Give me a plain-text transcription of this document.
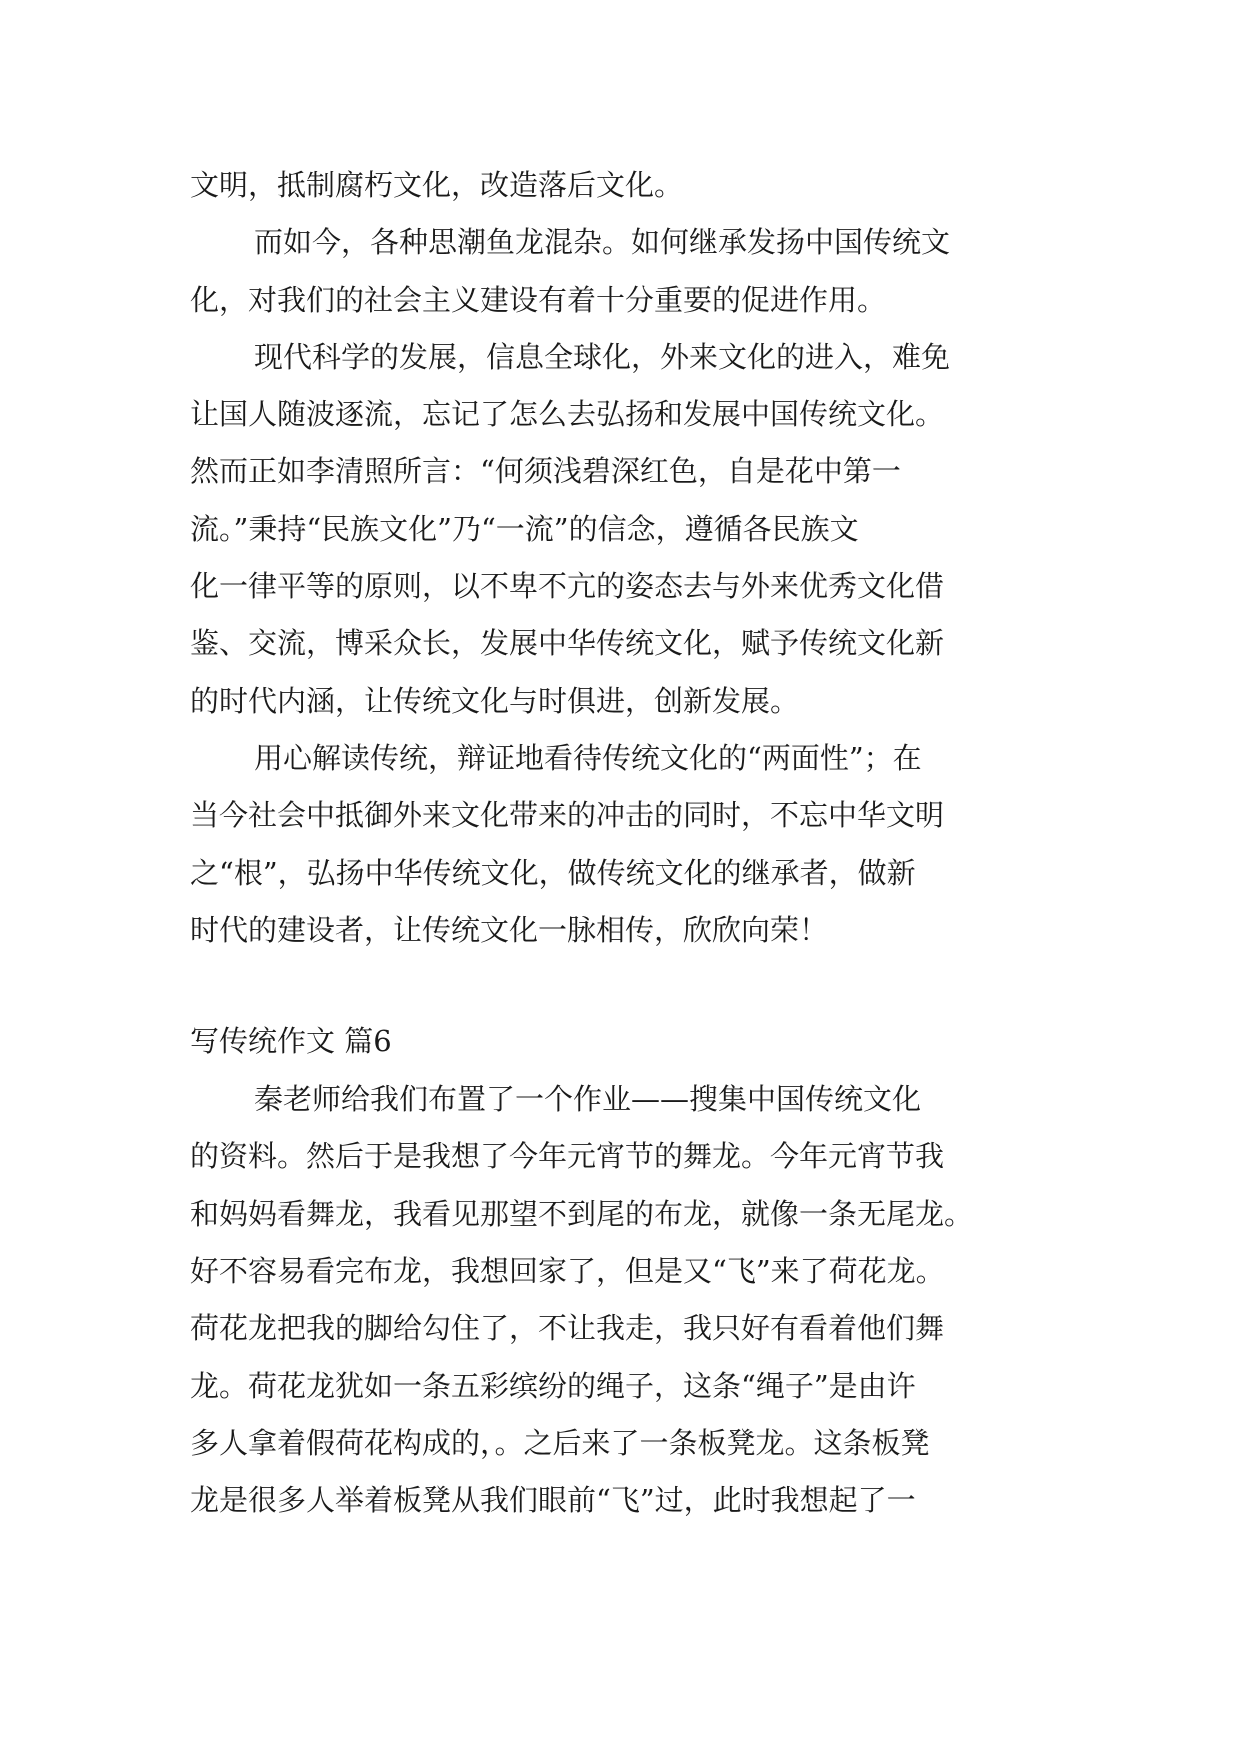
文明，抵制腐朽文化，改造落后文化。
而如今，各种思潮鱼龙混杂。如何继承发扬中国传统文
化，对我们的社会主义建设有着十分重要的促进作用。
现代科学的发展，信息全球化，外来文化的进入，难免
让国人随波逐流，忘记了怎么去弘扬和发展中国传统文化。
然而正如李清照所言：“何须浅碧深红色，自是花中第一
流。”秉持“民族文化”乃“一流”的信念，遵循各民族文
化一律平等的原则，以不卑不亢的姿态去与外来优秀文化借
鉴、交流，博采众长，发展中华传统文化，赋予传统文化新
的时代内涵，让传统文化与时俱进，创新发展。
用心解读传统，辩证地看待传统文化的“两面性”；在
当今社会中抵御外来文化带来的冲击的同时，不忘中华文明
之“根”，弘扬中华传统文化，做传统文化的继承者，做新
时代的建设者，让传统文化一脉相传，欣欣向荣！
写传统作文 篇6
秦老师给我们布置了一个作业——搜集中国传统文化
的资料。然后于是我想了今年元宵节的舞龙。今年元宵节我
和妈妈看舞龙，我看见那望不到尾的布龙，就像一条无尾龙。
好不容易看完布龙，我想回家了，但是又“飞”来了荷花龙。
荷花龙把我的脚给勾住了，不让我走，我只好有看着他们舞
龙。荷花龙犹如一条五彩缤纷的绳子，这条“绳子”是由许
多人拿着假荷花构成的，。之后来了一条板凳龙。这条板凳
龙是很多人举着板凳从我们眼前“飞”过，此时我想起了一
